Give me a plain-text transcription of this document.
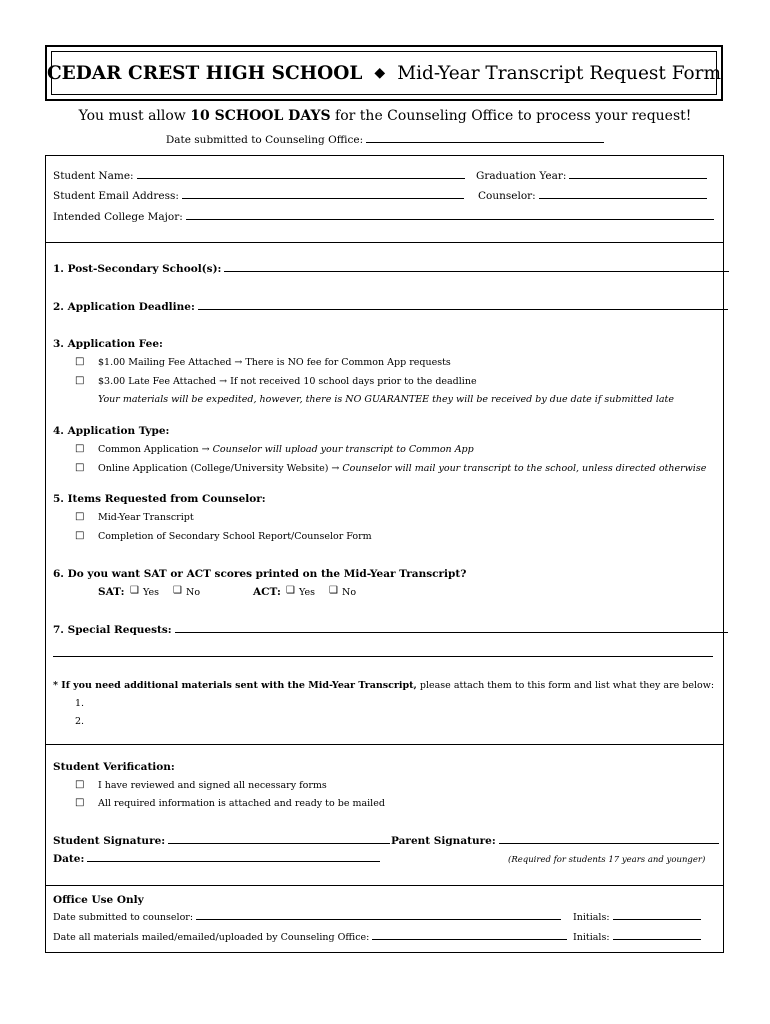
CEDAR CREST HIGH SCHOOL ◆ Mid-Year Transcript Request Form
You must allow 10 SCHOOL DAYS for the Counseling Office to process your request!
Date submitted to Counseling Office:
Student Name:	Graduation Year:
Student Email Address:	Counselor:
Intended College Major:
1. Post-Secondary School(s):
2. Application Deadline:
3. Application Fee:
□ $1.00 Mailing Fee Attached → There is NO fee for Common App requests
□ $3.00 Late Fee Attached → If not received 10 school days prior to the deadline
Your materials will be expedited, however, there is NO GUARANTEE they will be received by due date if submitted late
4. Application Type:
□ Common Application → Counselor will upload your transcript to Common App
□ Online Application (College/University Website) → Counselor will mail your transcript to the school, unless directed otherwise
5. Items Requested from Counselor:
□ Mid-Year Transcript
□ Completion of Secondary School Report/Counselor Form
6. Do you want SAT or ACT scores printed on the Mid-Year Transcript?
SAT: ❑ Yes ❑ No	ACT: ❑ Yes ❑ No
7. Special Requests:
* If you need additional materials sent with the Mid-Year Transcript, please attach them to this form and list what they are below:
1.
2.
Student Verification:
□ I have reviewed and signed all necessary forms
□ All required information is attached and ready to be mailed
Student Signature:	Parent Signature:
Date:	(Required for students 17 years and younger)
Office Use Only
Date submitted to counselor:	Initials:
Date all materials mailed/emailed/uploaded by Counseling Office:	Initials:
